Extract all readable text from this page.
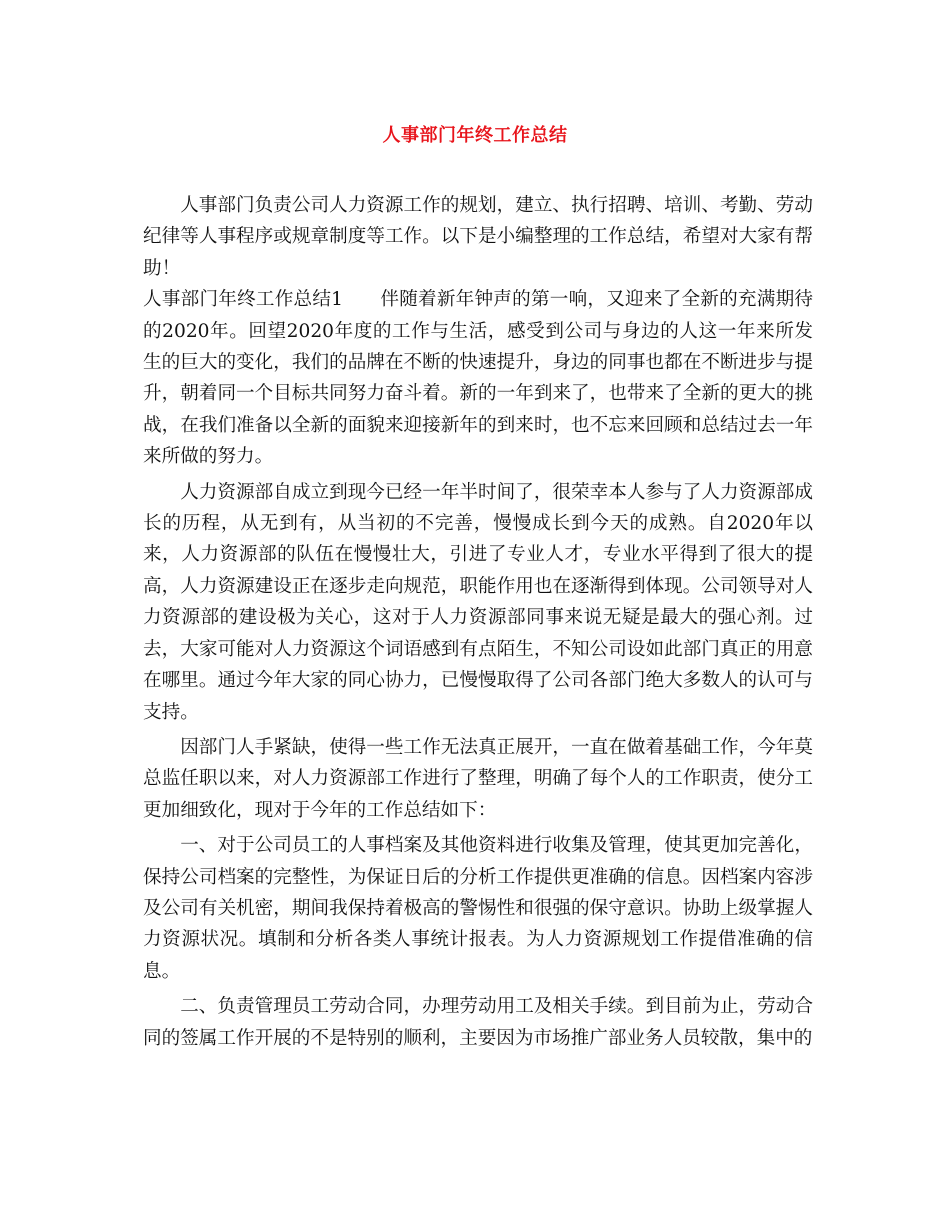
人事部门年终工作总结

人事部门负责公司人力资源工作的规划，建立、执行招聘、培训、考勤、劳动纪律等人事程序或规章制度等工作。以下是小编整理的工作总结，希望对大家有帮助！

人事部门年终工作总结1   伴随着新年钟声的第一响，又迎来了全新的充满期待的2020年。回望2020年度的工作与生活，感受到公司与身边的人这一年来所发生的巨大的变化，我们的品牌在不断的快速提升，身边的同事也都在不断进步与提升，朝着同一个目标共同努力奋斗着。新的一年到来了，也带来了全新的更大的挑战，在我们准备以全新的面貌来迎接新年的到来时，也不忘来回顾和总结过去一年来所做的努力。

人力资源部自成立到现今已经一年半时间了，很荣幸本人参与了人力资源部成长的历程，从无到有，从当初的不完善，慢慢成长到今天的成熟。自2020年以来，人力资源部的队伍在慢慢壮大，引进了专业人才，专业水平得到了很大的提高，人力资源建设正在逐步走向规范，职能作用也在逐渐得到体现。公司领导对人力资源部的建设极为关心，这对于人力资源部同事来说无疑是最大的强心剂。过去，大家可能对人力资源这个词语感到有点陌生，不知公司设如此部门真正的用意在哪里。通过今年大家的同心协力，已慢慢取得了公司各部门绝大多数人的认可与支持。

因部门人手紧缺，使得一些工作无法真正展开，一直在做着基础工作，今年莫总监任职以来，对人力资源部工作进行了整理，明确了每个人的工作职责，使分工更加细致化，现对于今年的工作总结如下：

一、对于公司员工的人事档案及其他资料进行收集及管理，使其更加完善化，保持公司档案的完整性，为保证日后的分析工作提供更准确的信息。因档案内容涉及公司有关机密，期间我保持着极高的警惕性和很强的保守意识。协助上级掌握人力资源状况。填制和分析各类人事统计报表。为人力资源规划工作提借准确的信息。

二、负责管理员工劳动合同，办理劳动用工及相关手续。到目前为止，劳动合同的签属工作开展的不是特别的顺利，主要因为市场推广部业务人员较散，集中的
